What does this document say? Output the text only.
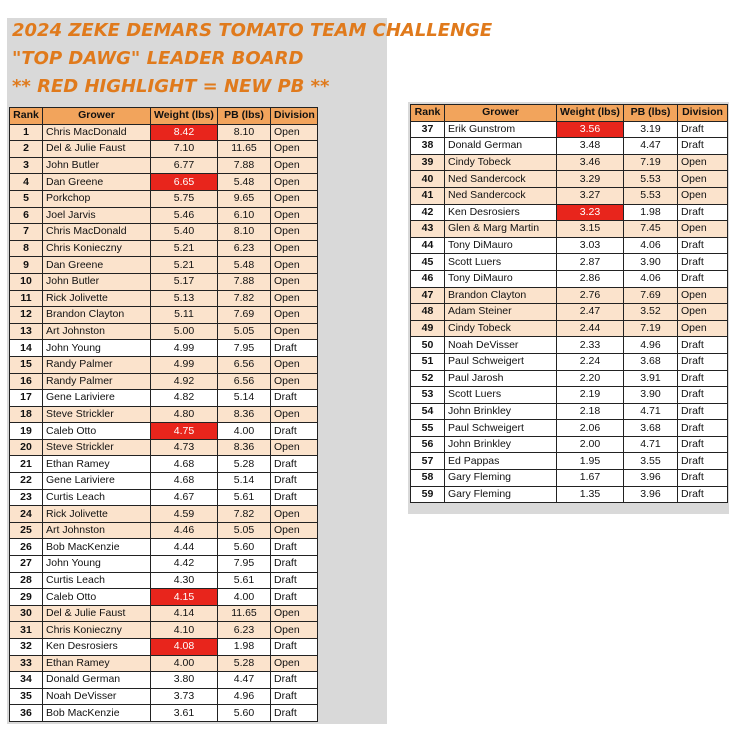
2024 ZEKE DEMARS TOMATO TEAM CHALLENGE
"TOP DAWG" LEADER BOARD
** RED HIGHLIGHT = NEW PB **
Rank	Grower	Weight (lbs)	PB (lbs)	Division
1	Chris MacDonald	8.42	8.10	Open
2	Del & Julie Faust	7.10	11.65	Open
3	John Butler	6.77	7.88	Open
4	Dan Greene	6.65	5.48	Open
5	Porkchop	5.75	9.65	Open
6	Joel Jarvis	5.46	6.10	Open
7	Chris MacDonald	5.40	8.10	Open
8	Chris Konieczny	5.21	6.23	Open
9	Dan Greene	5.21	5.48	Open
10	John Butler	5.17	7.88	Open
11	Rick Jolivette	5.13	7.82	Open
12	Brandon Clayton	5.11	7.69	Open
13	Art Johnston	5.00	5.05	Open
14	John Young	4.99	7.95	Draft
15	Randy Palmer	4.99	6.56	Open
16	Randy Palmer	4.92	6.56	Open
17	Gene Lariviere	4.82	5.14	Draft
18	Steve Strickler	4.80	8.36	Open
19	Caleb Otto	4.75	4.00	Draft
20	Steve Strickler	4.73	8.36	Open
21	Ethan Ramey	4.68	5.28	Draft
22	Gene Lariviere	4.68	5.14	Draft
23	Curtis Leach	4.67	5.61	Draft
24	Rick Jolivette	4.59	7.82	Open
25	Art Johnston	4.46	5.05	Open
26	Bob MacKenzie	4.44	5.60	Draft
27	John Young	4.42	7.95	Draft
28	Curtis Leach	4.30	5.61	Draft
29	Caleb Otto	4.15	4.00	Draft
30	Del & Julie Faust	4.14	11.65	Open
31	Chris Konieczny	4.10	6.23	Open
32	Ken Desrosiers	4.08	1.98	Draft
33	Ethan Ramey	4.00	5.28	Open
34	Donald German	3.80	4.47	Draft
35	Noah DeVisser	3.73	4.96	Draft
36	Bob MacKenzie	3.61	5.60	Draft
Rank	Grower	Weight (lbs)	PB (lbs)	Division
37	Erik Gunstrom	3.56	3.19	Draft
38	Donald German	3.48	4.47	Draft
39	Cindy Tobeck	3.46	7.19	Open
40	Ned Sandercock	3.29	5.53	Open
41	Ned Sandercock	3.27	5.53	Open
42	Ken Desrosiers	3.23	1.98	Draft
43	Glen & Marg Martin	3.15	7.45	Open
44	Tony DiMauro	3.03	4.06	Draft
45	Scott Luers	2.87	3.90	Draft
46	Tony DiMauro	2.86	4.06	Draft
47	Brandon Clayton	2.76	7.69	Open
48	Adam Steiner	2.47	3.52	Open
49	Cindy Tobeck	2.44	7.19	Open
50	Noah DeVisser	2.33	4.96	Draft
51	Paul Schweigert	2.24	3.68	Draft
52	Paul Jarosh	2.20	3.91	Draft
53	Scott Luers	2.19	3.90	Draft
54	John Brinkley	2.18	4.71	Draft
55	Paul Schweigert	2.06	3.68	Draft
56	John Brinkley	2.00	4.71	Draft
57	Ed Pappas	1.95	3.55	Draft
58	Gary Fleming	1.67	3.96	Draft
59	Gary Fleming	1.35	3.96	Draft
